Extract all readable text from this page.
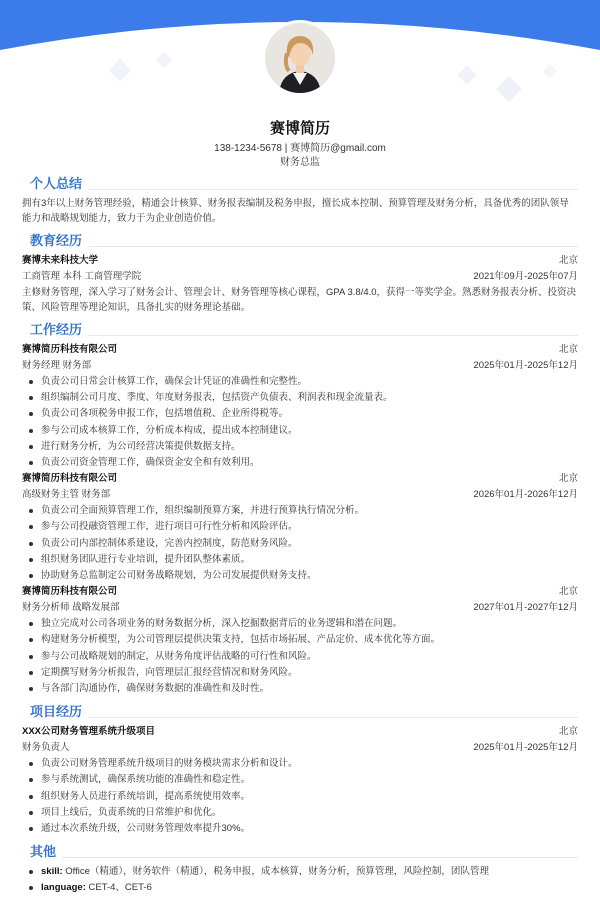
赛博简历
138-1234-5678 | 赛博简历@gmail.com
财务总监
个人总结
拥有3年以上财务管理经验，精通会计核算、财务报表编制及税务申报，擅长成本控制、预算管理及财务分析，具备优秀的团队领导能力和战略规划能力，致力于为企业创造价值。
教育经历
赛博未来科技大学	北京
工商管理 本科 工商管理学院	2021年09月-2025年07月
主修财务管理，深入学习了财务会计、管理会计、财务管理等核心课程，GPA 3.8/4.0，获得一等奖学金。熟悉财务报表分析、投资决策、风险管理等理论知识，具备扎实的财务理论基础。
工作经历
赛博简历科技有限公司	北京
财务经理 财务部	2025年01月-2025年12月
负责公司日常会计核算工作，确保会计凭证的准确性和完整性。
组织编制公司月度、季度、年度财务报表，包括资产负债表、利润表和现金流量表。
负责公司各项税务申报工作，包括增值税、企业所得税等。
参与公司成本核算工作，分析成本构成，提出成本控制建议。
进行财务分析，为公司经营决策提供数据支持。
负责公司资金管理工作，确保资金安全和有效利用。
赛博简历科技有限公司	北京
高级财务主管 财务部	2026年01月-2026年12月
负责公司全面预算管理工作，组织编制预算方案，并进行预算执行情况分析。
参与公司投融资管理工作，进行项目可行性分析和风险评估。
负责公司内部控制体系建设，完善内控制度，防范财务风险。
组织财务团队进行专业培训，提升团队整体素质。
协助财务总监制定公司财务战略规划，为公司发展提供财务支持。
赛博简历科技有限公司	北京
财务分析师 战略发展部	2027年01月-2027年12月
独立完成对公司各项业务的财务数据分析，深入挖掘数据背后的业务逻辑和潜在问题。
构建财务分析模型，为公司管理层提供决策支持，包括市场拓展、产品定价、成本优化等方面。
参与公司战略规划的制定，从财务角度评估战略的可行性和风险。
定期撰写财务分析报告，向管理层汇报经营情况和财务风险。
与各部门沟通协作，确保财务数据的准确性和及时性。
项目经历
XXX公司财务管理系统升级项目	北京
财务负责人	2025年01月-2025年12月
负责公司财务管理系统升级项目的财务模块需求分析和设计。
参与系统测试，确保系统功能的准确性和稳定性。
组织财务人员进行系统培训，提高系统使用效率。
项目上线后，负责系统的日常维护和优化。
通过本次系统升级，公司财务管理效率提升30%。
其他
skill: Office（精通），财务软件（精通），税务申报，成本核算，财务分析，预算管理，风险控制，团队管理
language: CET-4、CET-6
